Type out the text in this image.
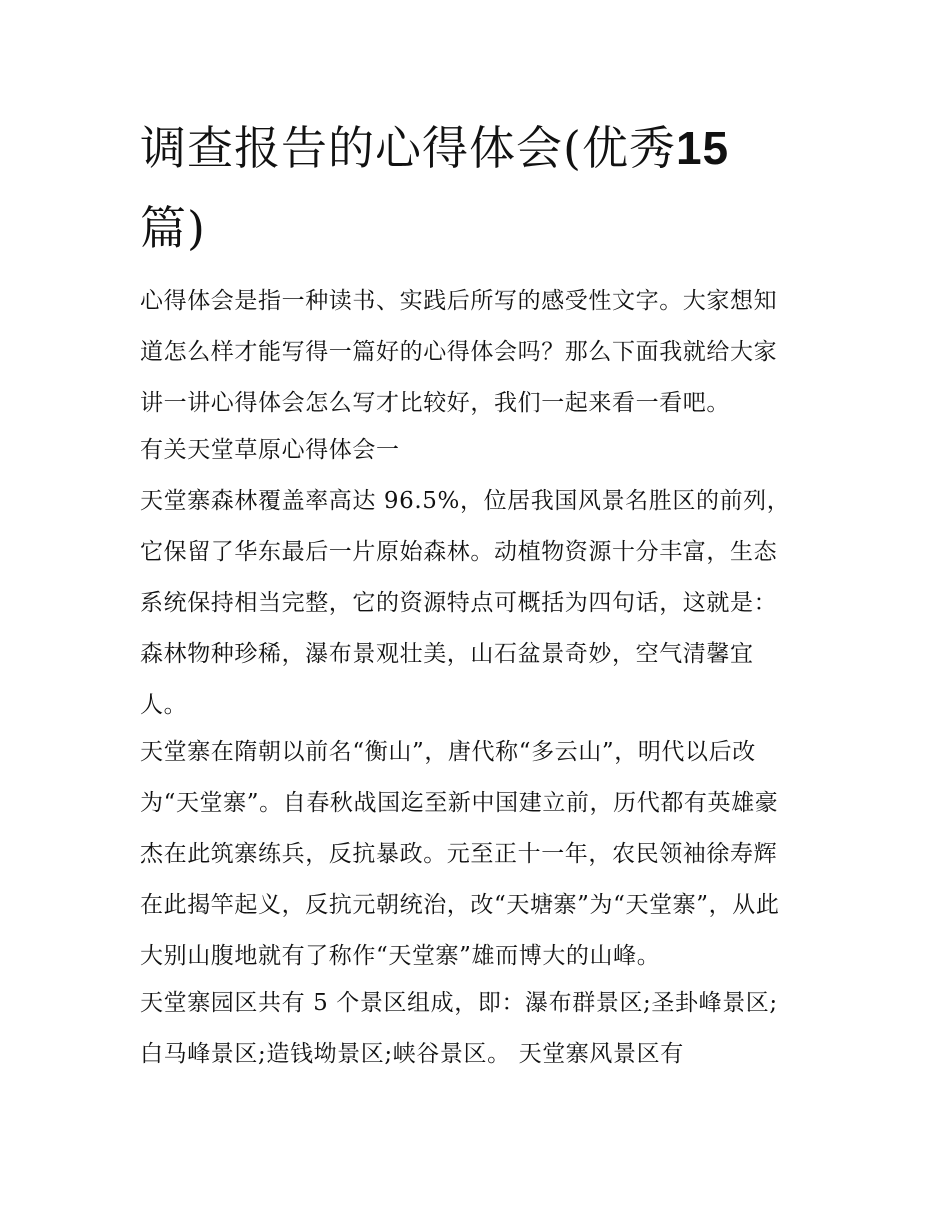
调查报告的心得体会(优秀15
篇)
心得体会是指一种读书、实践后所写的感受性文字。大家想知
道怎么样才能写得一篇好的心得体会吗？那么下面我就给大家
讲一讲心得体会怎么写才比较好，我们一起来看一看吧。
有关天堂草原心得体会一
天堂寨森林覆盖率高达 96.5%，位居我国风景名胜区的前列，
它保留了华东最后一片原始森林。动植物资源十分丰富，生态
系统保持相当完整，它的资源特点可概括为四句话，这就是：
森林物种珍稀，瀑布景观壮美，山石盆景奇妙，空气清馨宜
人。
天堂寨在隋朝以前名“衡山”，唐代称“多云山”，明代以后改
为“天堂寨”。自春秋战国迄至新中国建立前，历代都有英雄豪
杰在此筑寨练兵，反抗暴政。元至正十一年，农民领袖徐寿辉
在此揭竿起义，反抗元朝统治，改“天塘寨”为“天堂寨”，从此
大别山腹地就有了称作“天堂寨”雄而博大的山峰。
天堂寨园区共有 5 个景区组成，即：瀑布群景区;圣卦峰景区;
白马峰景区;造钱坳景区;峡谷景区。 天堂寨风景区有
